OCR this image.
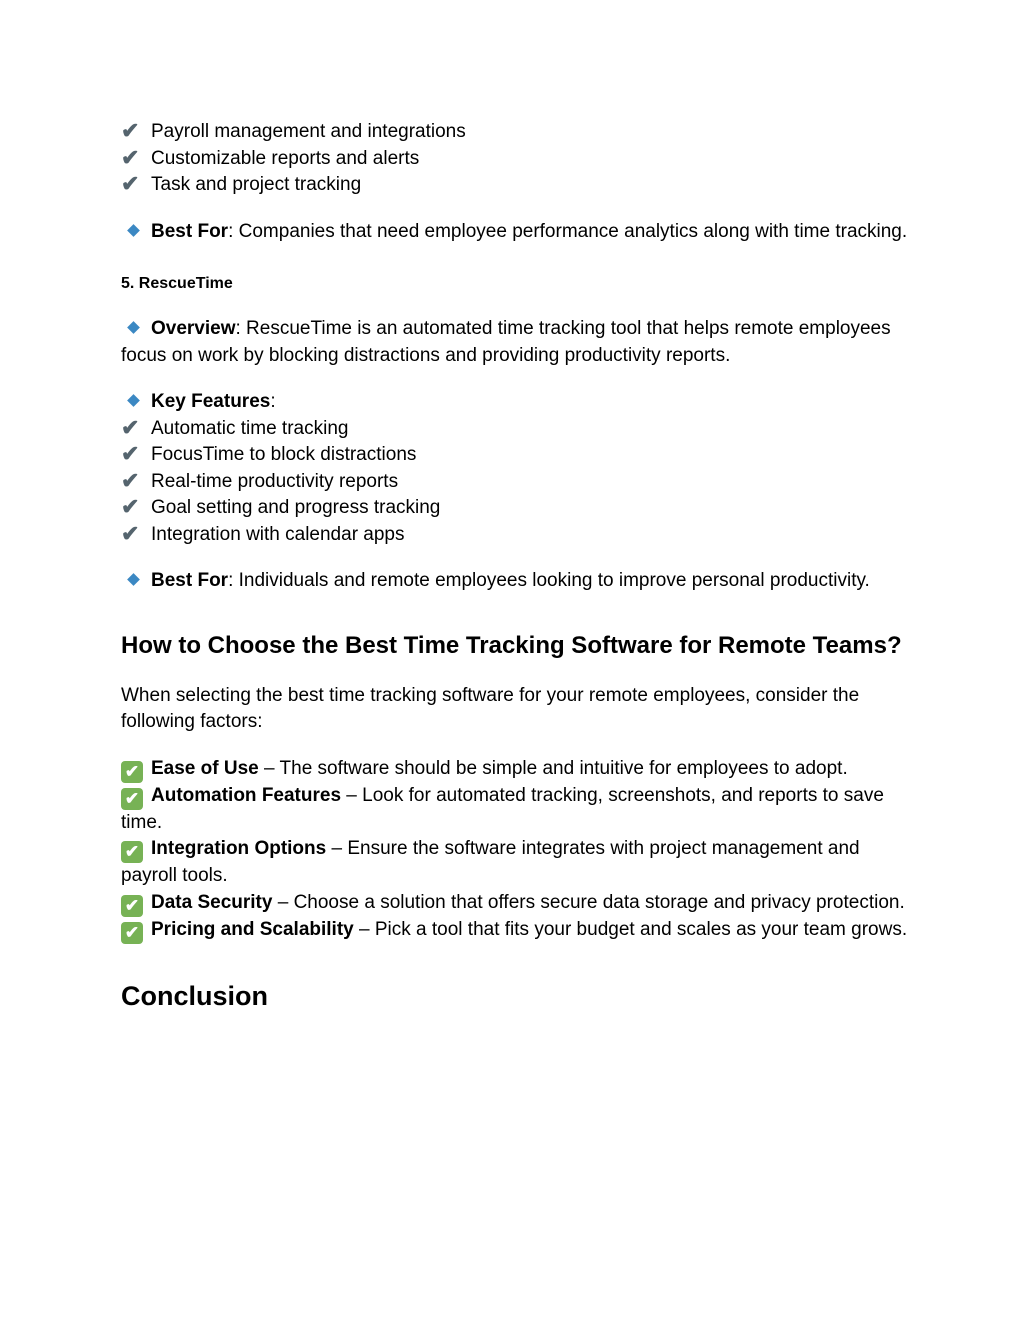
✔ Payroll management and integrations

✔ Customizable reports and alerts

✔ Task and project tracking

Best For: Companies that need employee performance analytics along with time tracking.

5. RescueTime

Overview: RescueTime is an automated time tracking tool that helps remote employees focus on work by blocking distractions and providing productivity reports.

Key Features:

✔ Automatic time tracking

✔ FocusTime to block distractions

✔ Real-time productivity reports

✔ Goal setting and progress tracking

✔ Integration with calendar apps

Best For: Individuals and remote employees looking to improve personal productivity.

How to Choose the Best Time Tracking Software for Remote Teams?

When selecting the best time tracking software for your remote employees, consider the following factors:

✔ Ease of Use – The software should be simple and intuitive for employees to adopt.

✔ Automation Features – Look for automated tracking, screenshots, and reports to save time.

✔ Integration Options – Ensure the software integrates with project management and payroll tools.

✔ Data Security – Choose a solution that offers secure data storage and privacy protection.

✔ Pricing and Scalability – Pick a tool that fits your budget and scales as your team grows.

Conclusion
